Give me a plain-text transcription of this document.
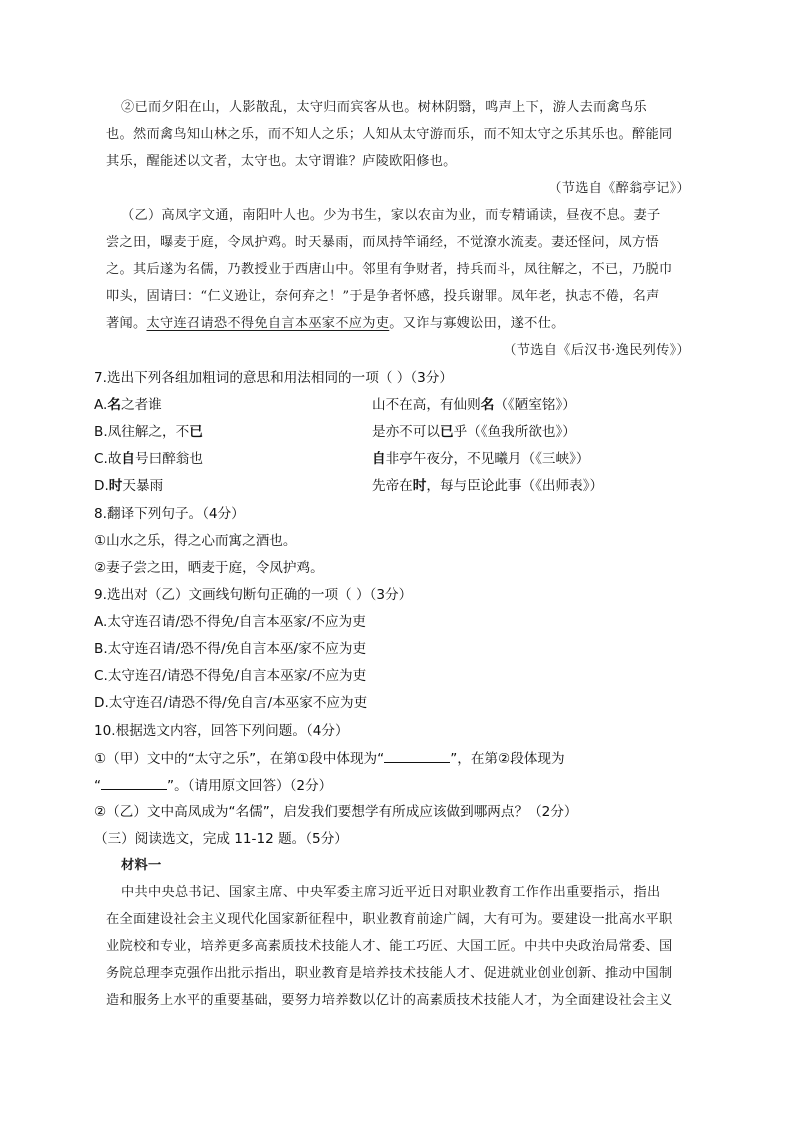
②已而夕阳在山，人影散乱，太守归而宾客从也。树林阴翳，鸣声上下，游人去而禽鸟乐
也。然而禽鸟知山林之乐，而不知人之乐；人知从太守游而乐，而不知太守之乐其乐也。醉能同
其乐，醒能述以文者，太守也。太守谓谁？庐陵欧阳修也。
（节选自《醉翁亭记》）
（乙）高凤字文通，南阳叶人也。少为书生，家以农亩为业，而专精诵读，昼夜不息。妻子
尝之田，曝麦于庭，令凤护鸡。时天暴雨，而凤持竿诵经，不觉潦水流麦。妻还怪问，凤方悟
之。其后遂为名儒，乃教授业于西唐山中。邻里有争财者，持兵而斗，凤往解之，不已，乃脱巾
叩头，固请曰：“仁义逊让，奈何弃之！”于是争者怀感，投兵谢罪。凤年老，执志不倦，名声
著闻。太守连召请恐不得免自言本巫家不应为吏。又诈与寡嫂讼田，遂不仕。
（节选自《后汉书·逸民列传》）
7.选出下列各组加粗词的意思和用法相同的一项（ ）（3分）
A.名之者谁	山不在高，有仙则名（《陋室铭》）
B.凤往解之，不已	是亦不可以已乎（《鱼我所欲也》）
C.故自号曰醉翁也	自非亭午夜分，不见曦月（《三峡》）
D.时天暴雨	先帝在时，每与臣论此事（《出师表》）
8.翻译下列句子。（4分）
①山水之乐，得之心而寓之酒也。
②妻子尝之田，晒麦于庭，令凤护鸡。
9.选出对（乙）文画线句断句正确的一项（ ）（3分）
A.太守连召请/恐不得免/自言本巫家/不应为吏
B.太守连召请/恐不得/免自言本巫/家不应为吏
C.太守连召/请恐不得免/自言本巫家/不应为吏
D.太守连召/请恐不得/免自言/本巫家不应为吏
10.根据选文内容，回答下列问题。（4分）
①（甲）文中的“太守之乐”，在第①段中体现为“	”，在第②段体现为
“	”。（请用原文回答）（2分）
②（乙）文中高凤成为“名儒”，启发我们要想学有所成应该做到哪两点？（2分）
（三）阅读选文，完成 11-12 题。（5分）
材料一
中共中央总书记、国家主席、中央军委主席习近平近日对职业教育工作作出重要指示，指出
在全面建设社会主义现代化国家新征程中，职业教育前途广阔，大有可为。要建设一批高水平职
业院校和专业，培养更多高素质技术技能人才、能工巧匠、大国工匠。中共中央政治局常委、国
务院总理李克强作出批示指出，职业教育是培养技术技能人才、促进就业创业创新、推动中国制
造和服务上水平的重要基础，要努力培养数以亿计的高素质技术技能人才，为全面建设社会主义
